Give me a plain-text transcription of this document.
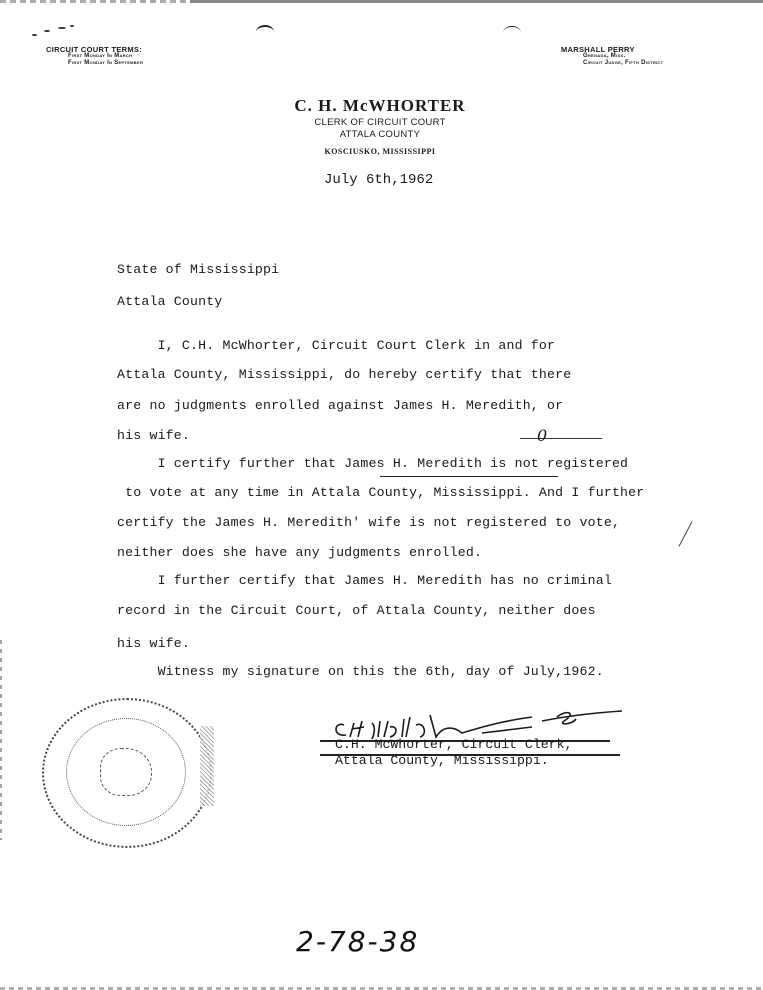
CIRCUIT COURT TERMS:
First Monday In March
First Monday In September
MARSHALL PERRY
Grenada, Miss.
Circuit Judge, Fifth District
C. H. McWHORTER
CLERK OF CIRCUIT COURT
ATTALA COUNTY
KOSCIUSKO, MISSISSIPPI
July 6th,1962
State of Mississippi
Attala County
I, C.H. McWhorter, Circuit Court Clerk in and for
Attala County, Mississippi, do hereby certify that there
are no judgments enrolled against James H. Meredith, or
his wife.
I certify further that James H. Meredith is not registered
to vote at any time in Attala County, Mississippi. And I further
certify the James H. Meredith' wife is not registered to vote,
neither does she have any judgments enrolled.
I further certify that James H. Meredith has no criminal
record in the Circuit Court, of Attala County, neither does
his wife.
Witness my signature on this the 6th, day of July,1962.
0
C.H. McWhorter, Circuit Clerk,
Attala County, Mississippi.
2-78-38
